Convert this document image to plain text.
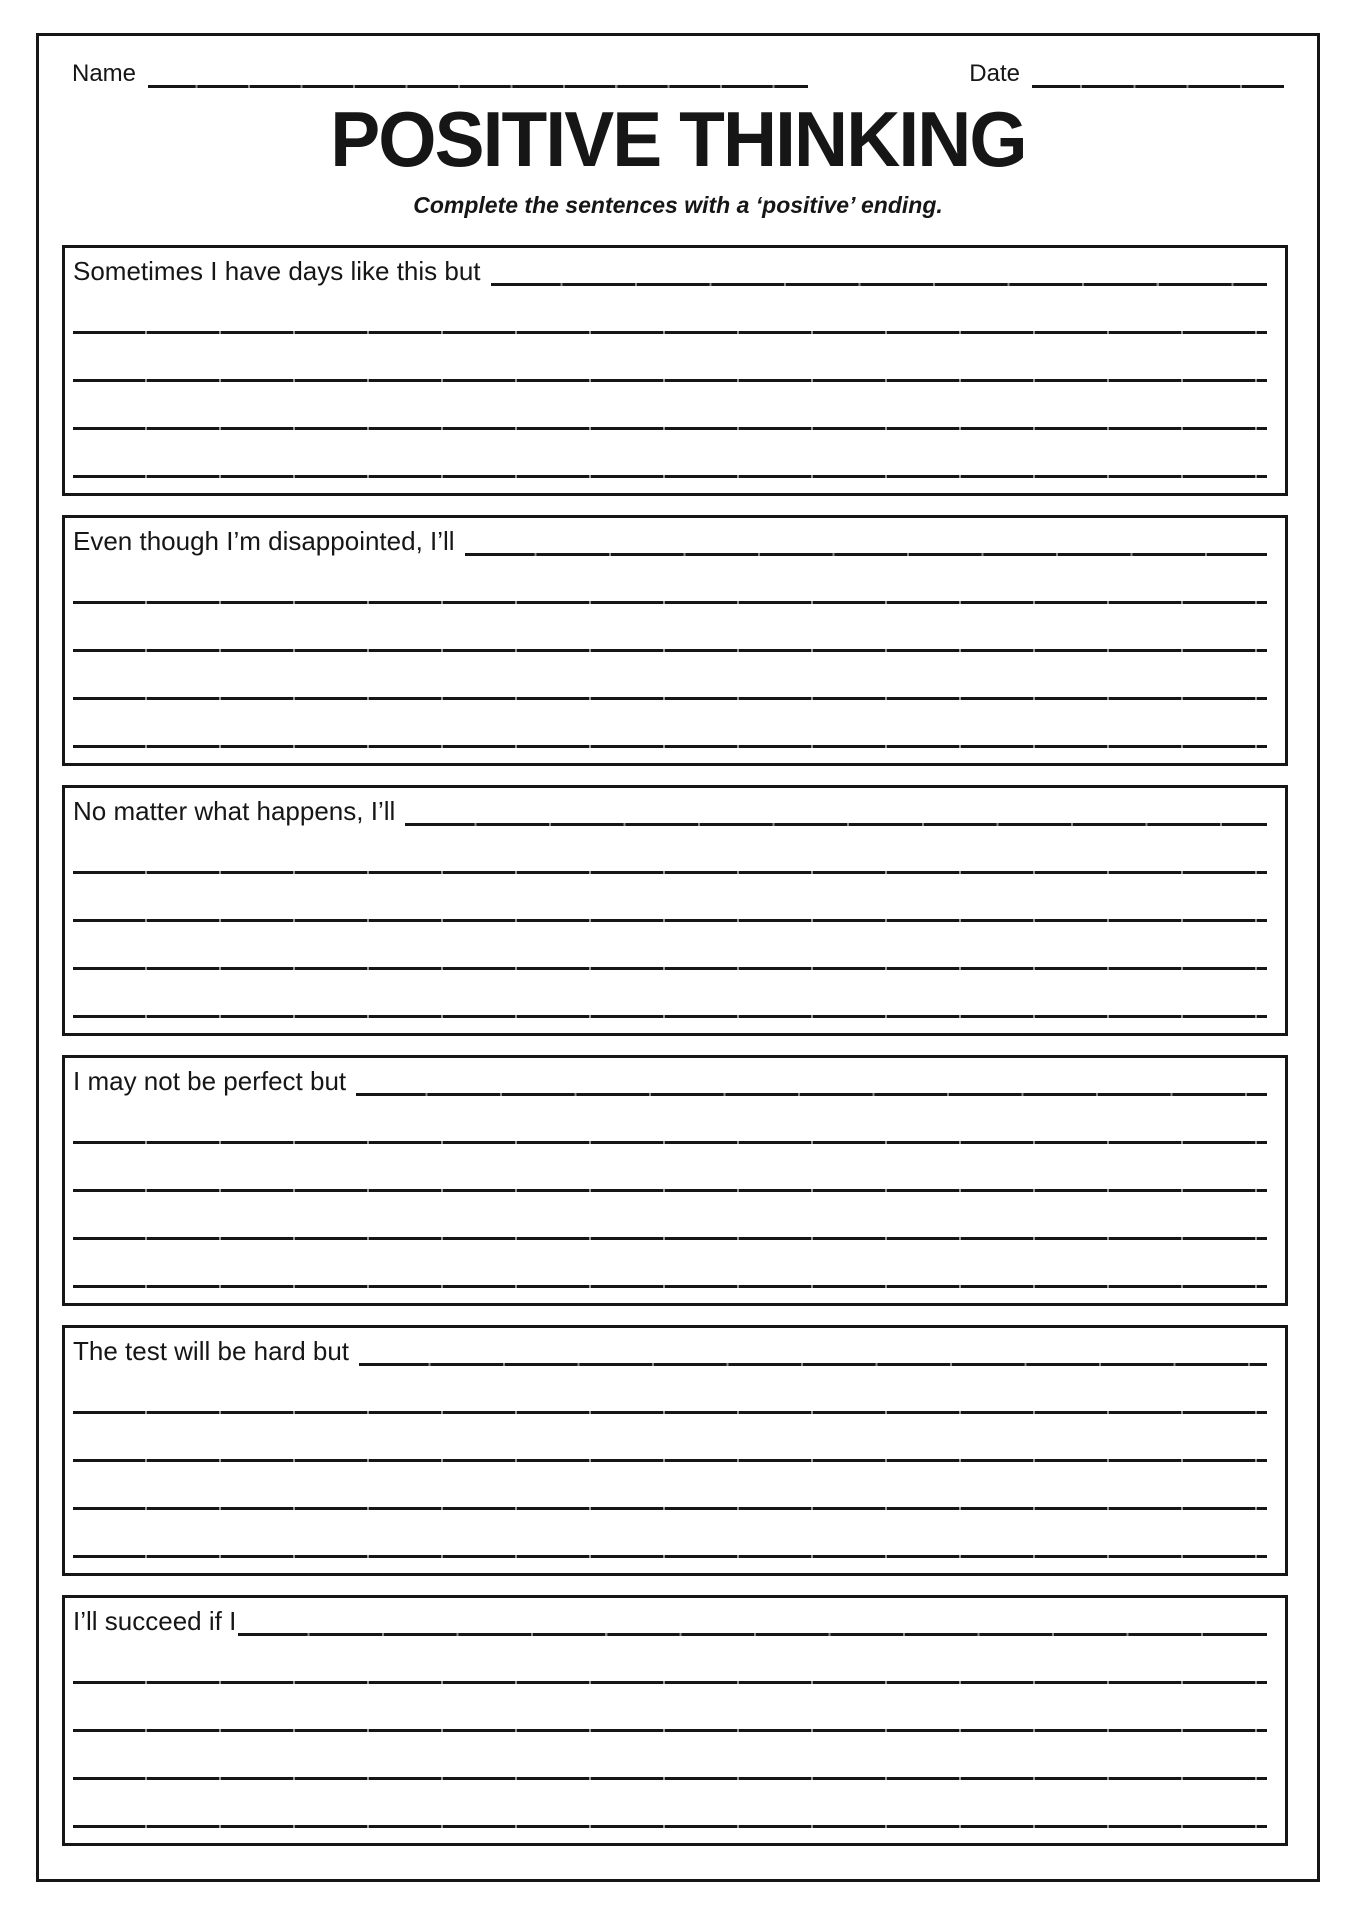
Name	Date
POSITIVE THINKING
Complete the sentences with a ‘positive’ ending.
Sometimes I have days like this but
Even though I’m disappointed, I’ll
No matter what happens, I’ll
I may not be perfect but
The test will be hard but
I’ll succeed if I
